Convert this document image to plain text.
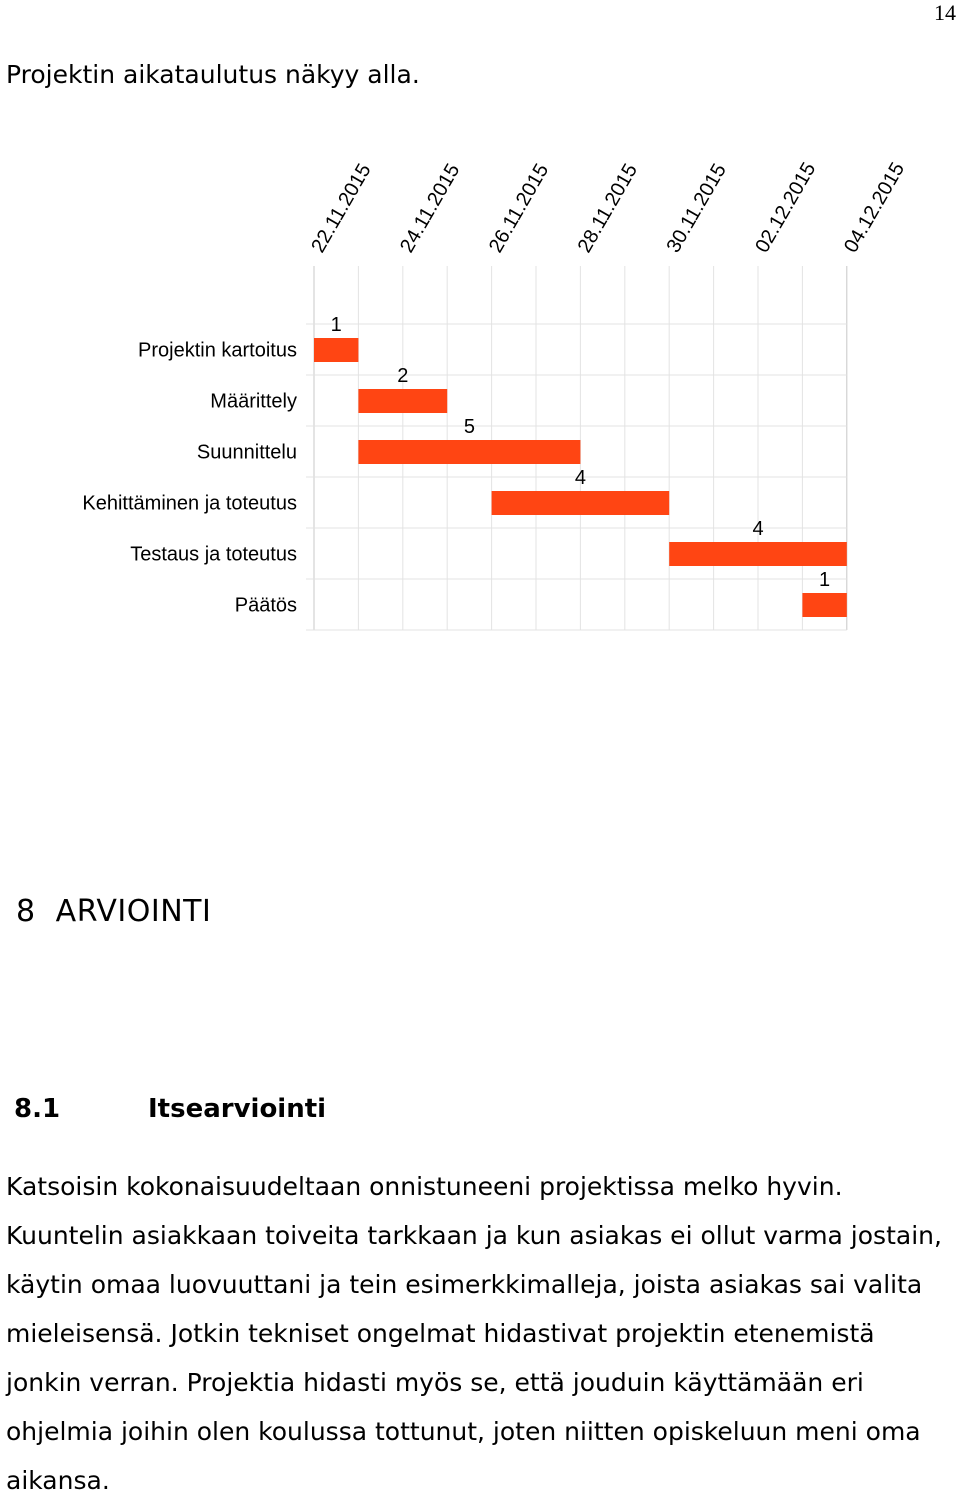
14
Projektin aikataulutus näkyy alla.
22.11.2015 24.11.2015 26.11.2015 28.11.2015 30.11.2015 02.12.2015 04.12.2015
Projektin kartoitus
1
Määrittely
2
Suunnittelu
5
Kehittäminen ja toteutus
4
Testaus ja toteutus
4
Päätös
1
8 ARVIOINTI
8.1	Itsearviointi

Katsoisin kokonaisuudeltaan onnistuneeni projektissa melko hyvin. Kuuntelin asiakkaan toiveita tarkkaan ja kun asiakas ei ollut varma jostain, käytin omaa luovuuttani ja tein esimerkkimalleja, joista asiakas sai valita mieleisensä. Jotkin tekniset ongelmat hidastivat projektin etenemistä jonkin verran. Projektia hidasti myös se, että jouduin käyttämään eri ohjelmia joihin olen koulussa tottunut, joten niitten opiskeluun meni oma aikansa.
